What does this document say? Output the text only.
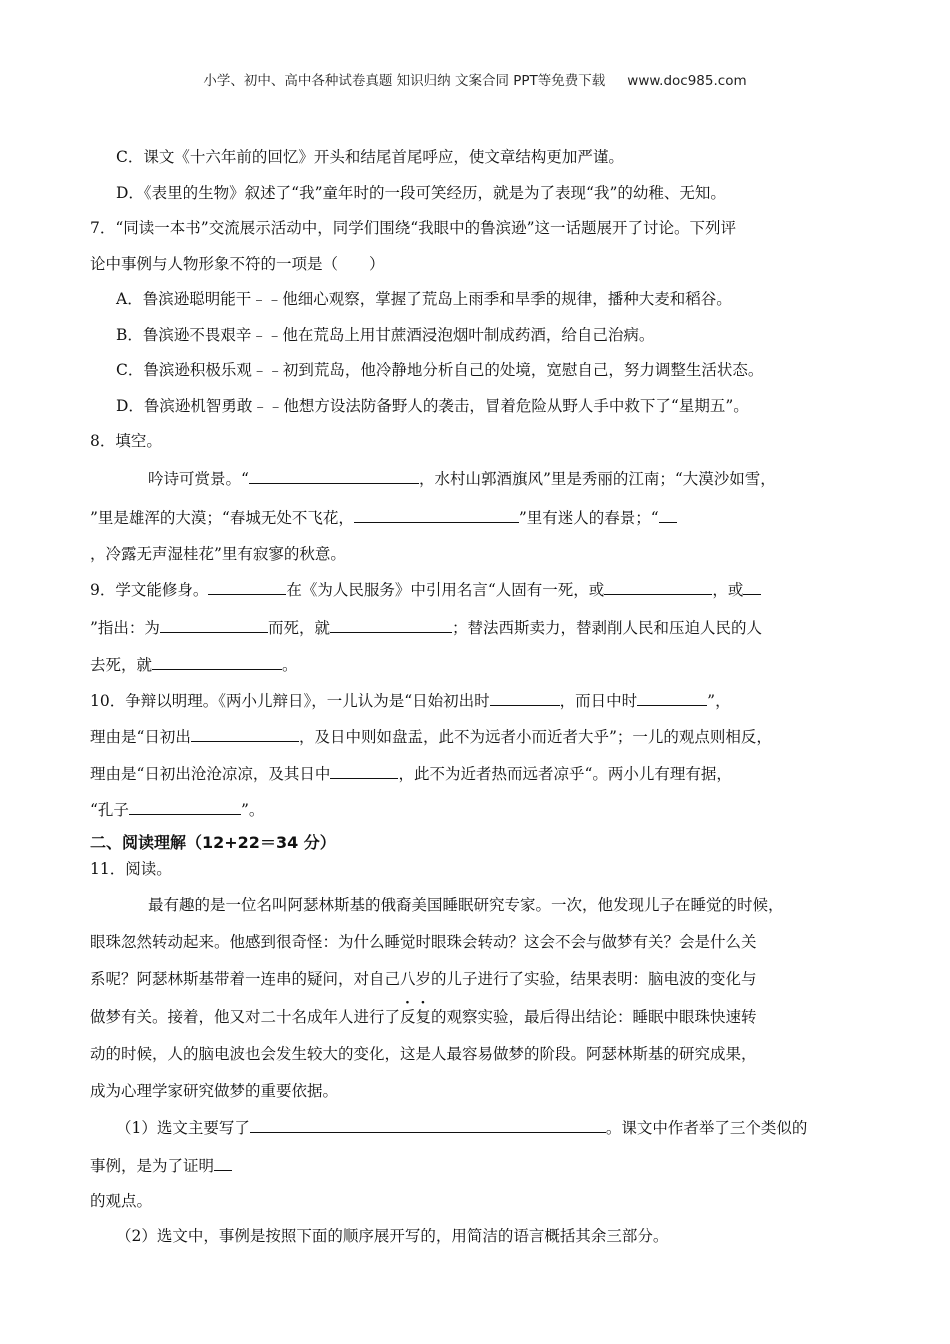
小学、初中、高中各种试卷真题 知识归纳 文案合同 PPT等免费下载 www.doc985.com
C．课文《十六年前的回忆》开头和结尾首尾呼应，使文章结构更加严谨。
D．《表里的生物》叙述了“我”童年时的一段可笑经历，就是为了表现“我”的幼稚、无知。
7．“同读一本书”交流展示活动中，同学们围绕“我眼中的鲁滨逊”这一话题展开了讨论。下列评
论中事例与人物形象不符的一项是（　　）
A．鲁滨逊聪明能干﹣﹣他细心观察，掌握了荒岛上雨季和旱季的规律，播种大麦和稻谷。
B．鲁滨逊不畏艰辛﹣﹣他在荒岛上用甘蔗酒浸泡烟叶制成药酒，给自己治病。
C．鲁滨逊积极乐观﹣﹣初到荒岛，他冷静地分析自己的处境，宽慰自己，努力调整生活状态。
D．鲁滨逊机智勇敢﹣﹣他想方设法防备野人的袭击，冒着危险从野人手中救下了“星期五”。
8．填空。
吟诗可赏景。“	，水村山郭酒旗风”里是秀丽的江南；“大漠沙如雪，
”里是雄浑的大漠；“春城无处不飞花，	”里有迷人的春景；“
，冷露无声湿桂花”里有寂寥的秋意。
9．学文能修身。	在《为人民服务》中引用名言“人固有一死，或	，或
”指出：为	而死，就	；替法西斯卖力，替剥削人民和压迫人民的人
去死，就	。
10．争辩以明理。《两小儿辩日》，一儿认为是“日始初出时	，而日中时	”，
理由是“日初出	，及日中则如盘盂，此不为远者小而近者大乎”；一儿的观点则相反，
理由是“日初出沧沧凉凉，及其日中	，此不为近者热而远者凉乎“。两小儿有理有据，
“孔子	”。
二、阅读理解（12+22＝34 分）
11．阅读。
最有趣的是一位名叫阿瑟林斯基的俄裔美国睡眠研究专家。一次，他发现儿子在睡觉的时候，
眼珠忽然转动起来。他感到很奇怪：为什么睡觉时眼珠会转动？这会不会与做梦有关？会是什么关
系呢？阿瑟林斯基带着一连串的疑问，对自己八岁的儿子进行了实验，结果表明：脑电波的变化与
做梦有关。接着，他又对二十名成年人进行了反复的观察实验，最后得出结论：睡眠中眼珠快速转
动的时候，人的脑电波也会发生较大的变化，这是人最容易做梦的阶段。阿瑟林斯基的研究成果，
成为心理学家研究做梦的重要依据。
（1）选文主要写了	。课文中作者举了三个类似的
事例，是为了证明
的观点。
（2）选文中，事例是按照下面的顺序展开写的，用简洁的语言概括其余三部分。
